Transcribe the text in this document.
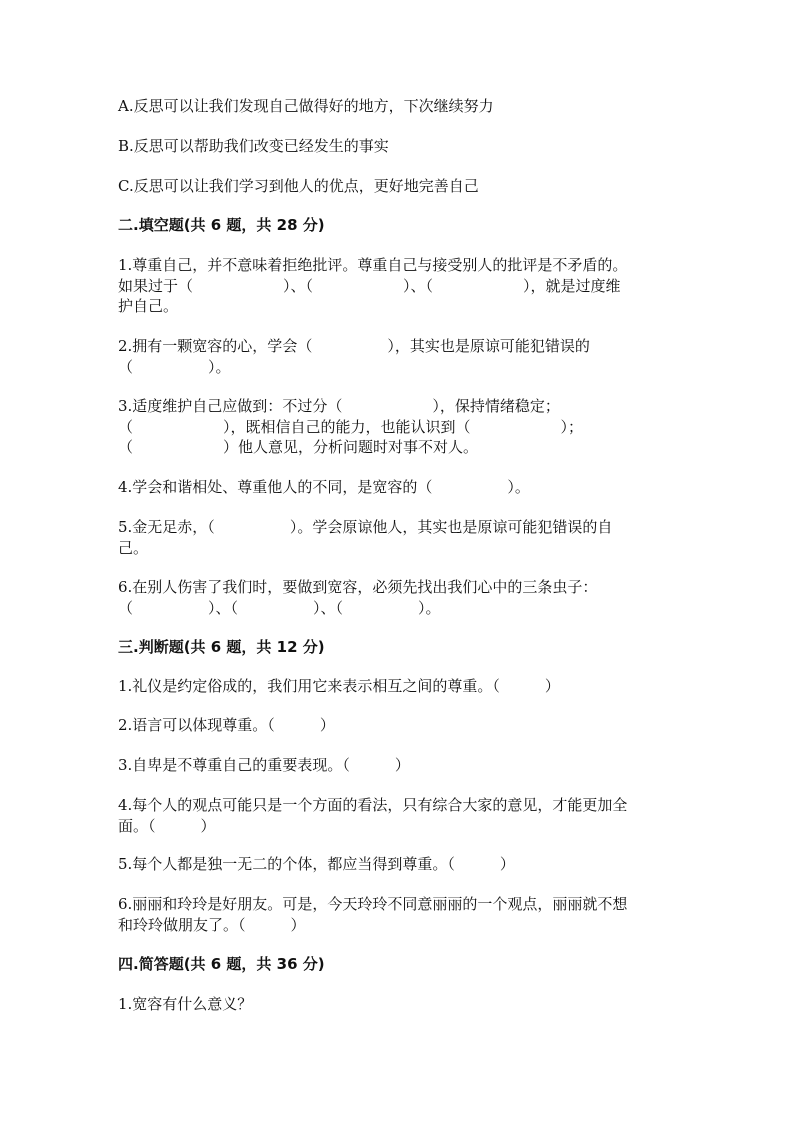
A.反思可以让我们发现自己做得好的地方，下次继续努力
B.反思可以帮助我们改变已经发生的事实
C.反思可以让我们学习到他人的优点，更好地完善自己
二.填空题(共 6 题，共 28 分)
1.尊重自己，并不意味着拒绝批评。尊重自己与接受别人的批评是不矛盾的。
如果过于（　　　　　　）、（　　　　　　）、（　　　　　　），就是过度维
护自己。
2.拥有一颗宽容的心，学会（　　　　　），其实也是原谅可能犯错误的
（　　　　　）。
3.适度维护自己应做到：不过分（　　　　　　），保持情绪稳定；
（　　　　　　），既相信自己的能力，也能认识到（　　　　　　）；
（　　　　　　）他人意见，分析问题时对事不对人。
4.学会和谐相处、尊重他人的不同，是宽容的（　　　　　）。
5.金无足赤，（　　　　　）。学会原谅他人，其实也是原谅可能犯错误的自
己。
6.在别人伤害了我们时，要做到宽容，必须先找出我们心中的三条虫子：
（　　　　　）、（　　　　　）、（　　　　　）。
三.判断题(共 6 题，共 12 分)
1.礼仪是约定俗成的，我们用它来表示相互之间的尊重。（　　　）
2.语言可以体现尊重。（　　　）
3.自卑是不尊重自己的重要表现。（　　　）
4.每个人的观点可能只是一个方面的看法，只有综合大家的意见，才能更加全
面。（　　　）
5.每个人都是独一无二的个体，都应当得到尊重。（　　　）
6.丽丽和玲玲是好朋友。可是，今天玲玲不同意丽丽的一个观点，丽丽就不想
和玲玲做朋友了。（　　　）
四.简答题(共 6 题，共 36 分)
1.宽容有什么意义？
